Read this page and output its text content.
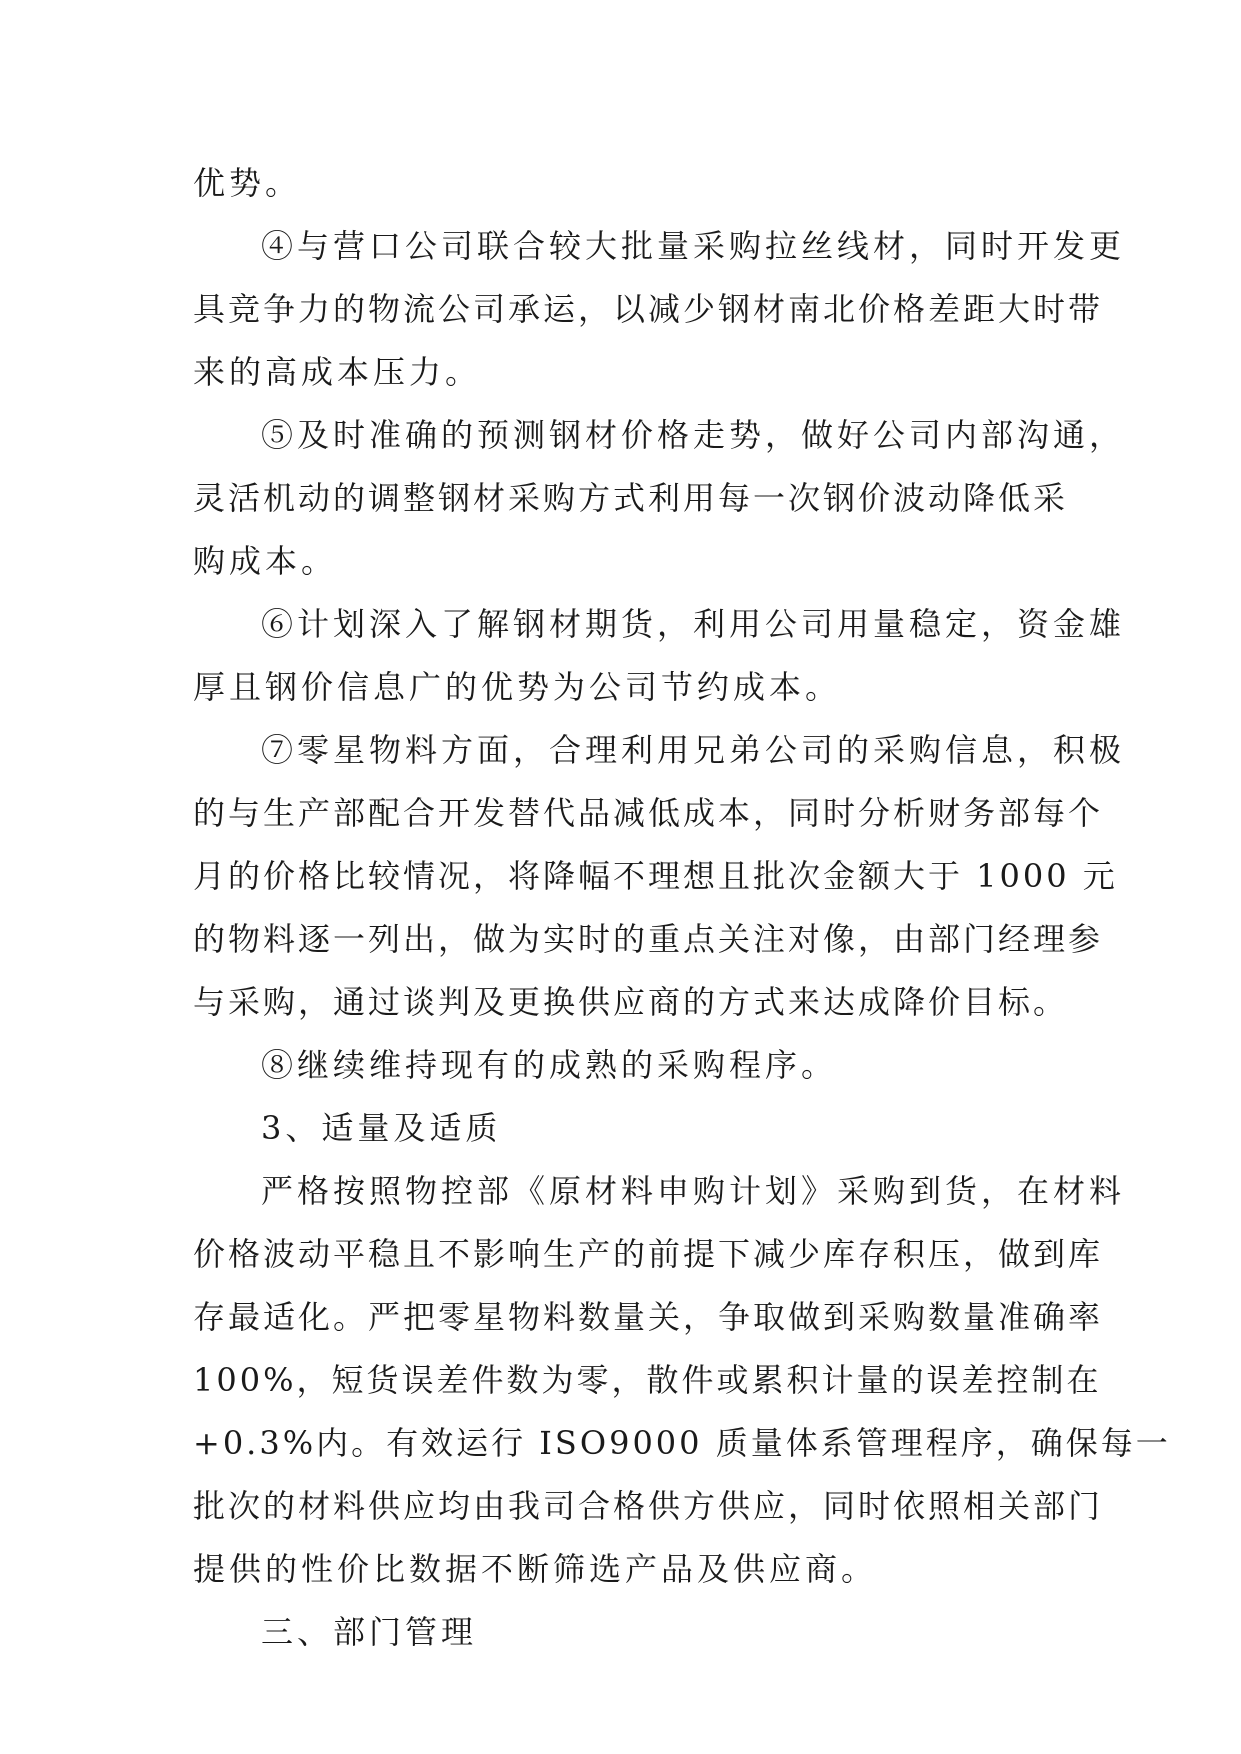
优势。
④与营口公司联合较大批量采购拉丝线材，同时开发更
具竞争力的物流公司承运，以减少钢材南北价格差距大时带
来的高成本压力。
⑤及时准确的预测钢材价格走势，做好公司内部沟通，
灵活机动的调整钢材采购方式利用每一次钢价波动降低采
购成本。
⑥计划深入了解钢材期货，利用公司用量稳定，资金雄
厚且钢价信息广的优势为公司节约成本。
⑦零星物料方面，合理利用兄弟公司的采购信息，积极
的与生产部配合开发替代品减低成本，同时分析财务部每个
月的价格比较情况，将降幅不理想且批次金额大于 1000 元
的物料逐一列出，做为实时的重点关注对像，由部门经理参
与采购，通过谈判及更换供应商的方式来达成降价目标。
⑧继续维持现有的成熟的采购程序。
3、适量及适质
严格按照物控部《原材料申购计划》采购到货，在材料
价格波动平稳且不影响生产的前提下减少库存积压，做到库
存最适化。严把零星物料数量关，争取做到采购数量准确率
100%，短货误差件数为零，散件或累积计量的误差控制在
+0.3%内。有效运行 ISO9000 质量体系管理程序，确保每一
批次的材料供应均由我司合格供方供应，同时依照相关部门
提供的性价比数据不断筛选产品及供应商。
三、部门管理
